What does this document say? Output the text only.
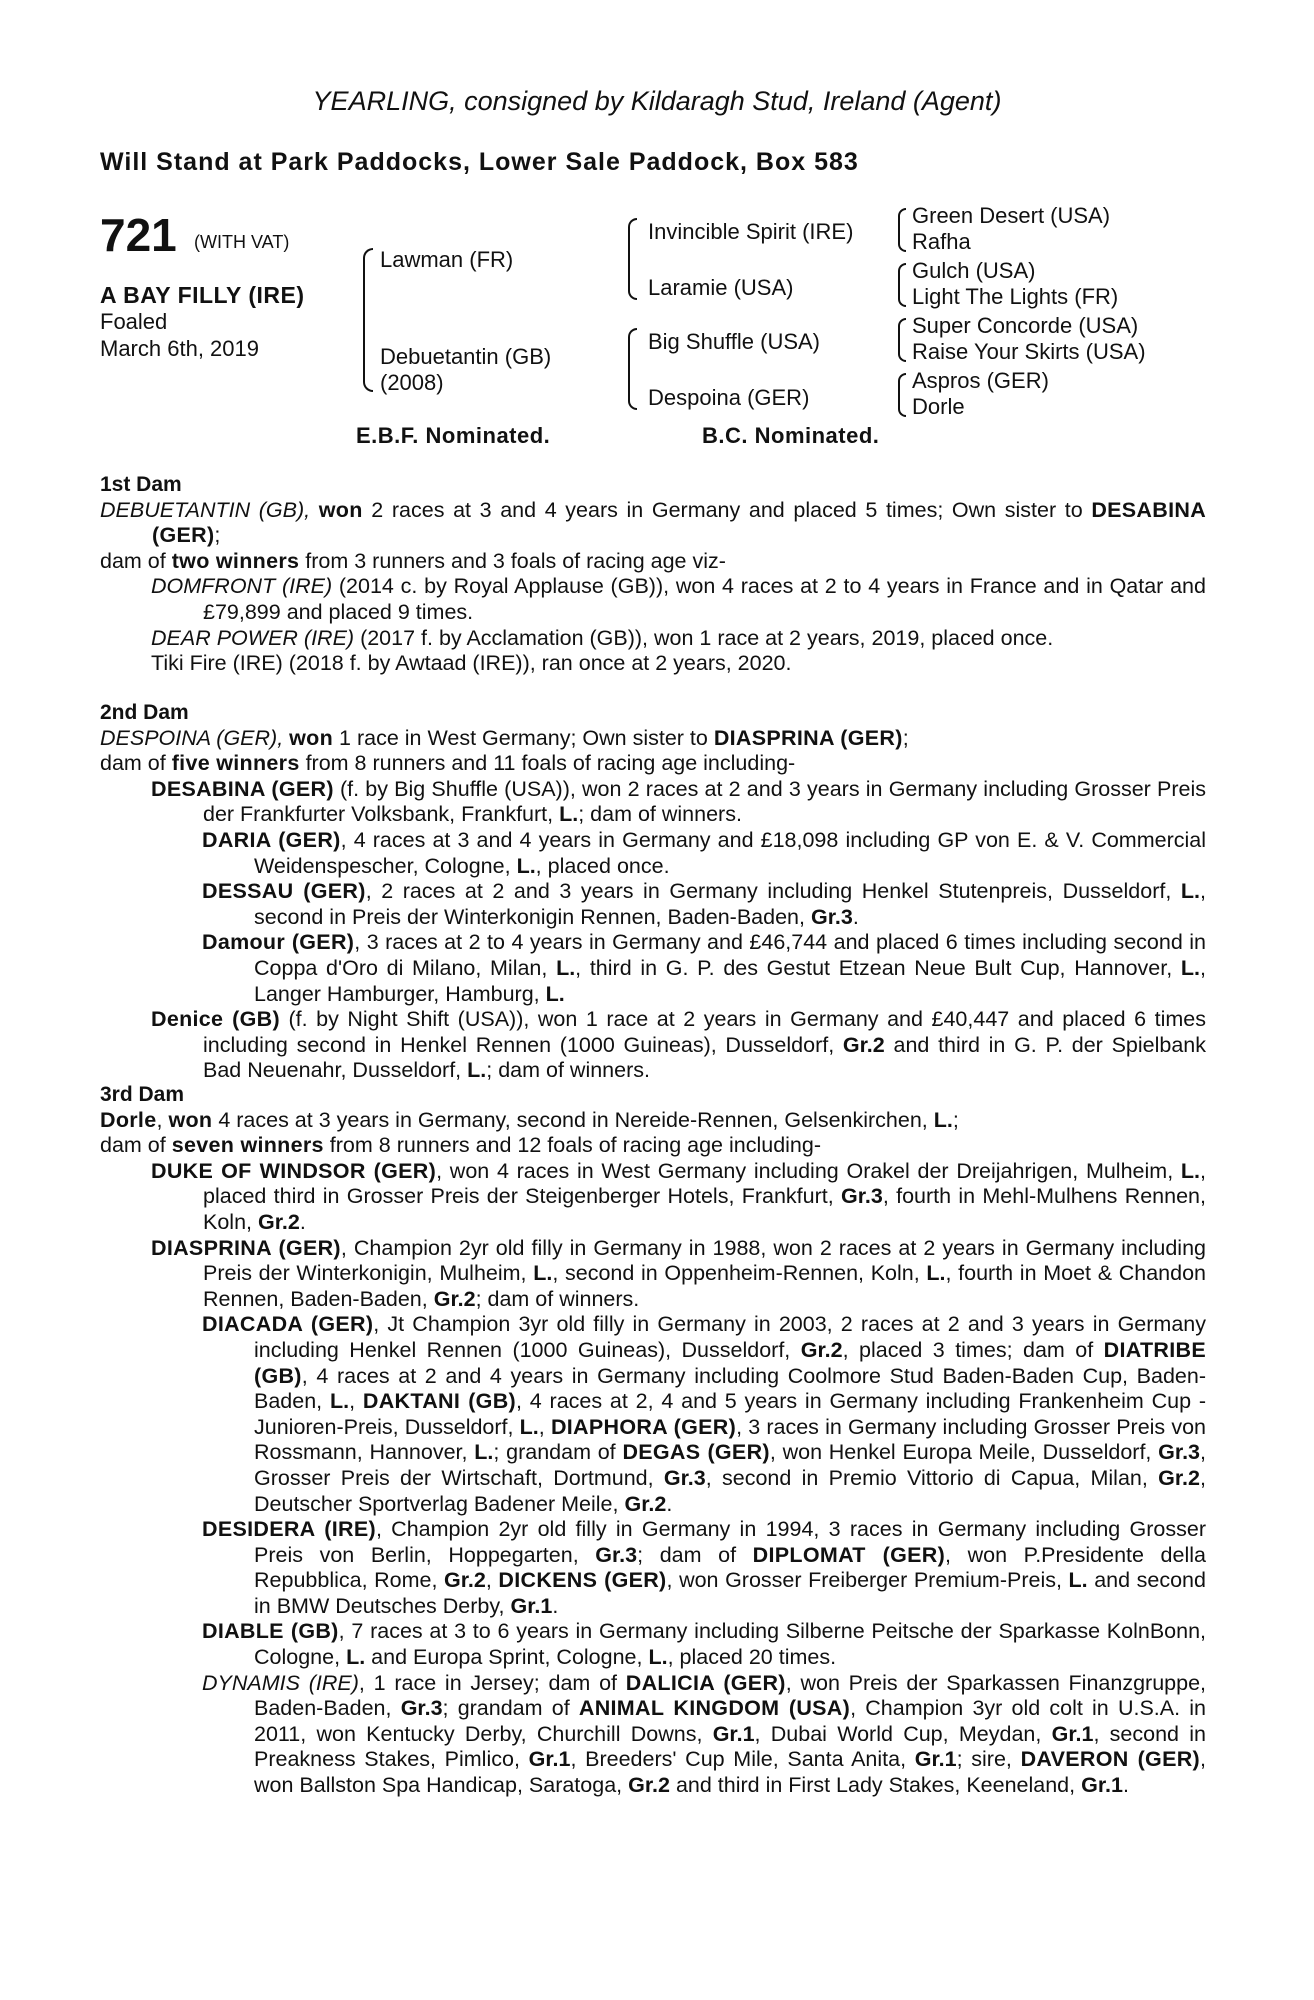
YEARLING, consigned by Kildaragh Stud, Ireland (Agent)
Will Stand at Park Paddocks, Lower Sale Paddock, Box 583
721 (WITH VAT)
A BAY FILLY (IRE)
Foaled
March 6th, 2019
Lawman (FR)
Debuetantin (GB)
(2008)
Invincible Spirit (IRE)
Laramie (USA)
Big Shuffle (USA)
Despoina (GER)
Green Desert (USA)
Rafha
Gulch (USA)
Light The Lights (FR)
Super Concorde (USA)
Raise Your Skirts (USA)
Aspros (GER)
Dorle
E.B.F. Nominated.	B.C. Nominated.

1st Dam

DEBUETANTIN (GB), won 2 races at 3 and 4 years in Germany and placed 5 times; Own sister to DESABINA (GER);

dam of two winners from 3 runners and 3 foals of racing age viz-

DOMFRONT (IRE) (2014 c. by Royal Applause (GB)), won 4 races at 2 to 4 years in France and in Qatar and £79,899 and placed 9 times.

DEAR POWER (IRE) (2017 f. by Acclamation (GB)), won 1 race at 2 years, 2019, placed once.

Tiki Fire (IRE) (2018 f. by Awtaad (IRE)), ran once at 2 years, 2020.

2nd Dam

DESPOINA (GER), won 1 race in West Germany; Own sister to DIASPRINA (GER);

dam of five winners from 8 runners and 11 foals of racing age including-

DESABINA (GER) (f. by Big Shuffle (USA)), won 2 races at 2 and 3 years in Germany including Grosser Preis der Frankfurter Volksbank, Frankfurt, L.; dam of winners.

DARIA (GER), 4 races at 3 and 4 years in Germany and £18,098 including GP von E. & V. Commercial Weidenspescher, Cologne, L., placed once.

DESSAU (GER), 2 races at 2 and 3 years in Germany including Henkel Stutenpreis, Dusseldorf, L., second in Preis der Winterkonigin Rennen, Baden-Baden, Gr.3.

Damour (GER), 3 races at 2 to 4 years in Germany and £46,744 and placed 6 times including second in Coppa d'Oro di Milano, Milan, L., third in G. P. des Gestut Etzean Neue Bult Cup, Hannover, L., Langer Hamburger, Hamburg, L.

Denice (GB) (f. by Night Shift (USA)), won 1 race at 2 years in Germany and £40,447 and placed 6 times including second in Henkel Rennen (1000 Guineas), Dusseldorf, Gr.2 and third in G. P. der Spielbank Bad Neuenahr, Dusseldorf, L.; dam of winners.

3rd Dam

Dorle, won 4 races at 3 years in Germany, second in Nereide-Rennen, Gelsenkirchen, L.;

dam of seven winners from 8 runners and 12 foals of racing age including-

DUKE OF WINDSOR (GER), won 4 races in West Germany including Orakel der Dreijahrigen, Mulheim, L., placed third in Grosser Preis der Steigenberger Hotels, Frankfurt, Gr.3, fourth in Mehl-Mulhens Rennen, Koln, Gr.2.

DIASPRINA (GER), Champion 2yr old filly in Germany in 1988, won 2 races at 2 years in Germany including Preis der Winterkonigin, Mulheim, L., second in Oppenheim-Rennen, Koln, L., fourth in Moet & Chandon Rennen, Baden-Baden, Gr.2; dam of winners.

DIACADA (GER), Jt Champion 3yr old filly in Germany in 2003, 2 races at 2 and 3 years in Germany including Henkel Rennen (1000 Guineas), Dusseldorf, Gr.2, placed 3 times; dam of DIATRIBE (GB), 4 races at 2 and 4 years in Germany including Coolmore Stud Baden-Baden Cup, Baden-Baden, L., DAKTANI (GB), 4 races at 2, 4 and 5 years in Germany including Frankenheim Cup - Junioren-Preis, Dusseldorf, L., DIAPHORA (GER), 3 races in Germany including Grosser Preis von Rossmann, Hannover, L.; grandam of DEGAS (GER), won Henkel Europa Meile, Dusseldorf, Gr.3, Grosser Preis der Wirtschaft, Dortmund, Gr.3, second in Premio Vittorio di Capua, Milan, Gr.2, Deutscher Sportverlag Badener Meile, Gr.2.

DESIDERA (IRE), Champion 2yr old filly in Germany in 1994, 3 races in Germany including Grosser Preis von Berlin, Hoppegarten, Gr.3; dam of DIPLOMAT (GER), won P.Presidente della Repubblica, Rome, Gr.2, DICKENS (GER), won Grosser Freiberger Premium-Preis, L. and second in BMW Deutsches Derby, Gr.1.

DIABLE (GB), 7 races at 3 to 6 years in Germany including Silberne Peitsche der Sparkasse KolnBonn, Cologne, L. and Europa Sprint, Cologne, L., placed 20 times.

DYNAMIS (IRE), 1 race in Jersey; dam of DALICIA (GER), won Preis der Sparkassen Finanzgruppe, Baden-Baden, Gr.3; grandam of ANIMAL KINGDOM (USA), Champion 3yr old colt in U.S.A. in 2011, won Kentucky Derby, Churchill Downs, Gr.1, Dubai World Cup, Meydan, Gr.1, second in Preakness Stakes, Pimlico, Gr.1, Breeders' Cup Mile, Santa Anita, Gr.1; sire, DAVERON (GER), won Ballston Spa Handicap, Saratoga, Gr.2 and third in First Lady Stakes, Keeneland, Gr.1.
